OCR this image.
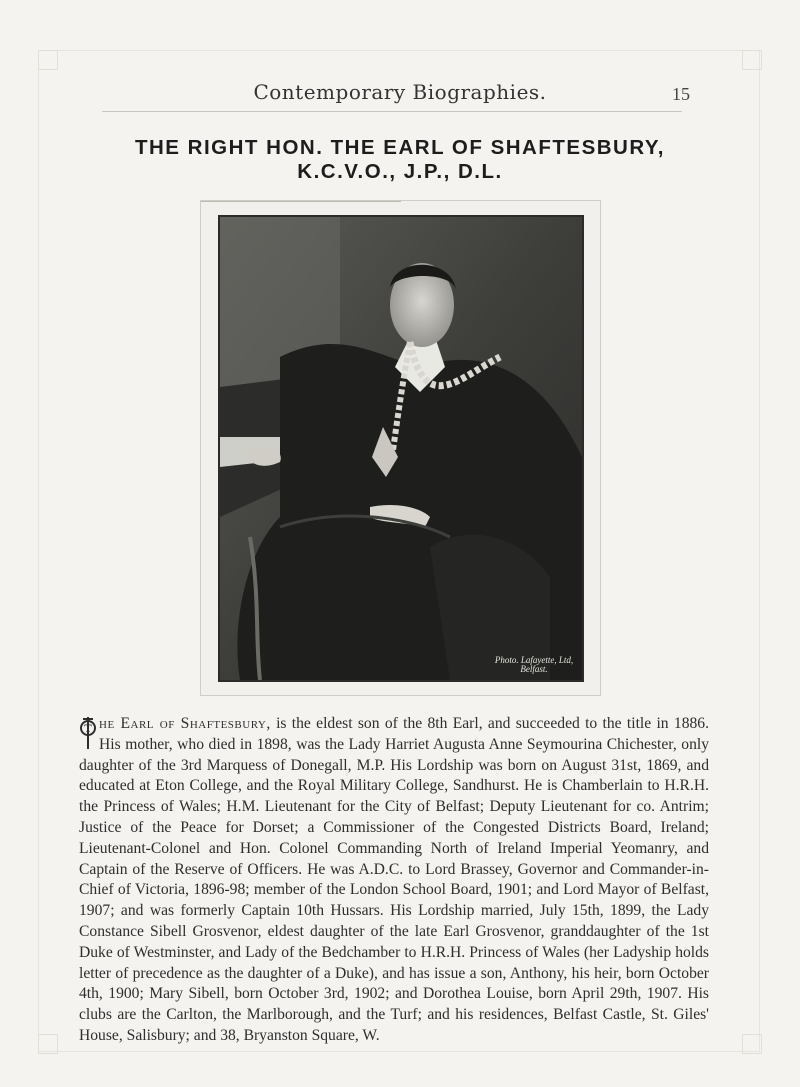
Contemporary Biographies.	15
THE RIGHT HON. THE EARL OF SHAFTESBURY,
K.C.V.O., J.P., D.L.
Photo. Lafayette, Ltd,
Belfast.

T he Earl of Shaftesbury, is the eldest son of the 8th Earl, and succeeded to the title in 1886. His mother, who died in 1898, was the Lady Harriet Augusta Anne Seymourina Chichester, only daughter of the 3rd Marquess of Donegall, M.P. His Lordship was born on August 31st, 1869, and educated at Eton College, and the Royal Military College, Sandhurst. He is Chamberlain to H.R.H. the Princess of Wales; H.M. Lieutenant for the City of Belfast; Deputy Lieutenant for co. Antrim; Justice of the Peace for Dorset; a Commissioner of the Congested Districts Board, Ireland; Lieutenant-Colonel and Hon. Colonel Commanding North of Ireland Imperial Yeomanry, and Captain of the Reserve of Officers. He was A.D.C. to Lord Brassey, Governor and Commander-in-Chief of Victoria, 1896-98; member of the London School Board, 1901; and Lord Mayor of Belfast, 1907; and was formerly Captain 10th Hussars. His Lordship married, July 15th, 1899, the Lady Constance Sibell Grosvenor, eldest daughter of the late Earl Grosvenor, granddaughter of the 1st Duke of Westminster, and Lady of the Bedchamber to H.R.H. Princess of Wales (her Ladyship holds letter of precedence as the daughter of a Duke), and has issue a son, Anthony, his heir, born October 4th, 1900; Mary Sibell, born October 3rd, 1902; and Dorothea Louise, born April 29th, 1907. His clubs are the Carlton, the Marlborough, and the Turf; and his residences, Belfast Castle, St. Giles' House, Salisbury; and 38, Bryanston Square, W.
